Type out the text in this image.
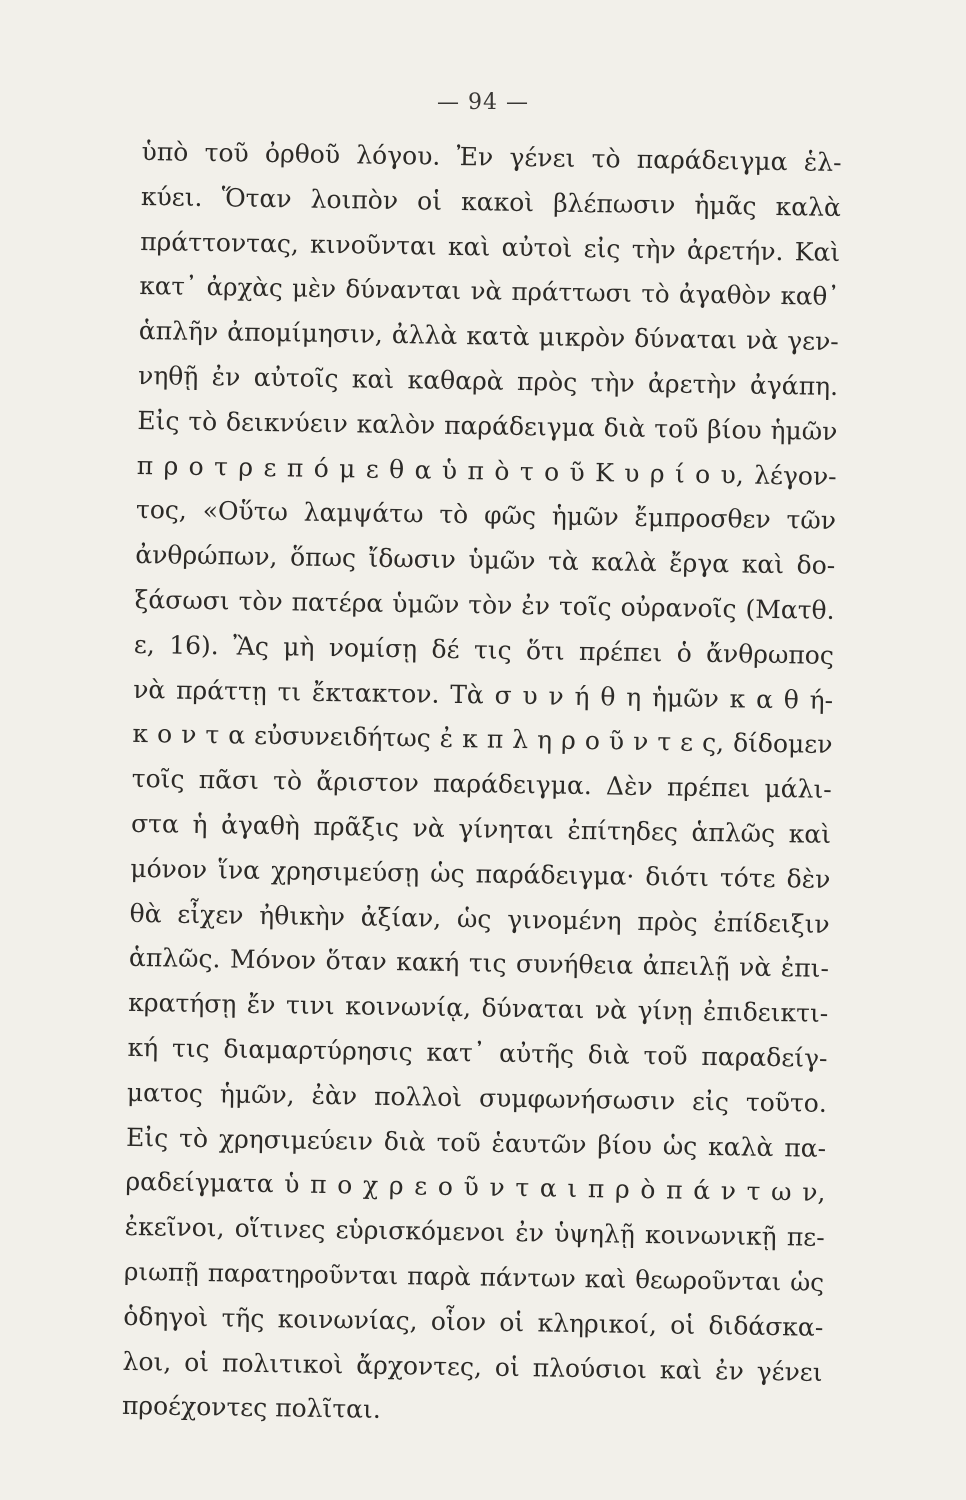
— 94 —
ὑπὸ τοῦ ὀρθοῦ λόγου. Ἐν γένει τὸ παράδειγμα ἑλ-
κύει. Ὅταν λοιπὸν οἱ κακοὶ βλέπωσιν ἡμᾶς καλὰ
πράττοντας, κινοῦνται καὶ αὐτοὶ εἰς τὴν ἀρετήν. Καὶ
κατ᾽ ἀρχὰς μὲν δύνανται νὰ πράττωσι τὸ ἀγαθὸν καθ᾽
ἁπλῆν ἀπομίμησιν, ἀλλὰ κατὰ μικρὸν δύναται νὰ γεν-
νηθῇ ἐν αὐτοῖς καὶ καθαρὰ πρὸς τὴν ἀρετὴν ἀγάπη.
Εἰς τὸ δεικνύειν καλὸν παράδειγμα διὰ τοῦ βίου ἡμῶν
π ρ ο τ ρ ε π ό μ ε θ α ὑ π ὸ τ ο ῦ Κ υ ρ ί ο υ, λέγον-
τος, «Οὕτω λαμψάτω τὸ φῶς ἡμῶν ἔμπροσθεν τῶν
ἀνθρώπων, ὅπως ἴδωσιν ὑμῶν τὰ καλὰ ἔργα καὶ δο-
ξάσωσι τὸν πατέρα ὑμῶν τὸν ἐν τοῖς οὐρανοῖς (Ματθ.
ε, 16). Ἂς μὴ νομίσῃ δέ τις ὅτι πρέπει ὁ ἄνθρωπος
νὰ πράττῃ τι ἔκτακτον. Τὰ σ υ ν ή θ η ἡμῶν κ α θ ή-
κ ο ν τ α εὐσυνειδήτως ἐ κ π λ η ρ ο ῦ ν τ ε ς, δίδομεν
τοῖς πᾶσι τὸ ἄριστον παράδειγμα. Δὲν πρέπει μάλι-
στα ἡ ἀγαθὴ πρᾶξις νὰ γίνηται ἐπίτηδες ἁπλῶς καὶ
μόνον ἵνα χρησιμεύσῃ ὡς παράδειγμα· διότι τότε δὲν
θὰ εἶχεν ἠθικὴν ἀξίαν, ὡς γινομένη πρὸς ἐπίδειξιν
ἁπλῶς. Μόνον ὅταν κακή τις συνήθεια ἀπειλῇ νὰ ἐπι-
κρατήσῃ ἔν τινι κοινωνίᾳ, δύναται νὰ γίνῃ ἐπιδεικτι-
κή τις διαμαρτύρησις κατ᾽ αὐτῆς διὰ τοῦ παραδείγ-
ματος ἡμῶν, ἐὰν πολλοὶ συμφωνήσωσιν εἰς τοῦτο.
Εἰς τὸ χρησιμεύειν διὰ τοῦ ἑαυτῶν βίου ὡς καλὰ πα-
ραδείγματα ὑ π ο χ ρ ε ο ῦ ν τ α ι π ρ ὸ π ά ν τ ω ν,
ἐκεῖνοι, οἵτινες εὑρισκόμενοι ἐν ὑψηλῇ κοινωνικῇ πε-
ριωπῇ παρατηροῦνται παρὰ πάντων καὶ θεωροῦνται ὡς
ὁδηγοὶ τῆς κοινωνίας, οἷον οἱ κληρικοί, οἱ διδάσκα-
λοι, οἱ πολιτικοὶ ἄρχοντες, οἱ πλούσιοι καὶ ἐν γένει
προέχοντες πολῖται.
